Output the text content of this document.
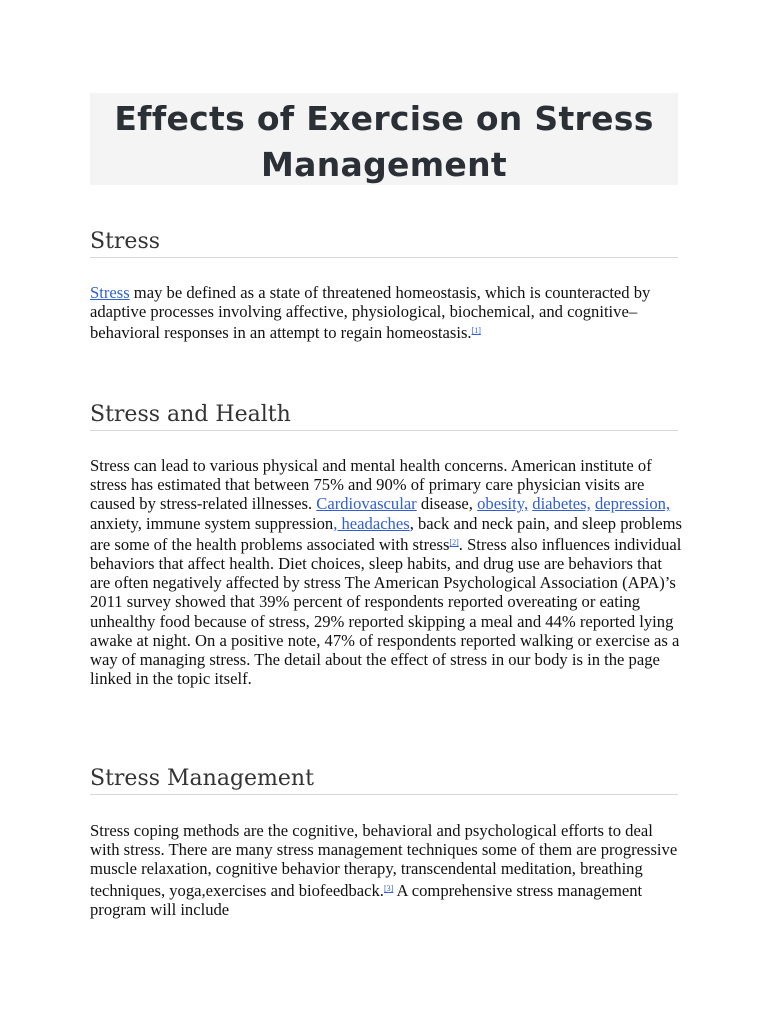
Effects of Exercise on Stress Management
Stress

Stress may be defined as a state of threatened homeostasis, which is counteracted by adaptive processes involving affective, physiological, biochemical, and cognitive–behavioral responses in an attempt to regain homeostasis.[1]

Stress and Health

Stress can lead to various physical and mental health concerns. American institute of stress has estimated that between 75% and 90% of primary care physician visits are caused by stress-related illnesses. Cardiovascular disease, obesity, diabetes, depression, anxiety, immune system suppression, headaches, back and neck pain, and sleep problems are some of the health problems associated with stress[2]. Stress also influences individual behaviors that affect health. Diet choices, sleep habits, and drug use are behaviors that are often negatively affected by stress The American Psychological Association (APA)’s 2011 survey showed that 39% percent of respondents reported overeating or eating unhealthy food because of stress, 29% reported skipping a meal and 44% reported lying awake at night. On a positive note, 47% of respondents reported walking or exercise as a way of managing stress. The detail about the effect of stress in our body is in the page linked in the topic itself.

Stress Management

Stress coping methods are the cognitive, behavioral and psychological efforts to deal with stress. There are many stress management techniques some of them are progressive muscle relaxation, cognitive behavior therapy, transcendental meditation, breathing techniques, yoga,exercises and biofeedback.[3] A comprehensive stress management program will include
